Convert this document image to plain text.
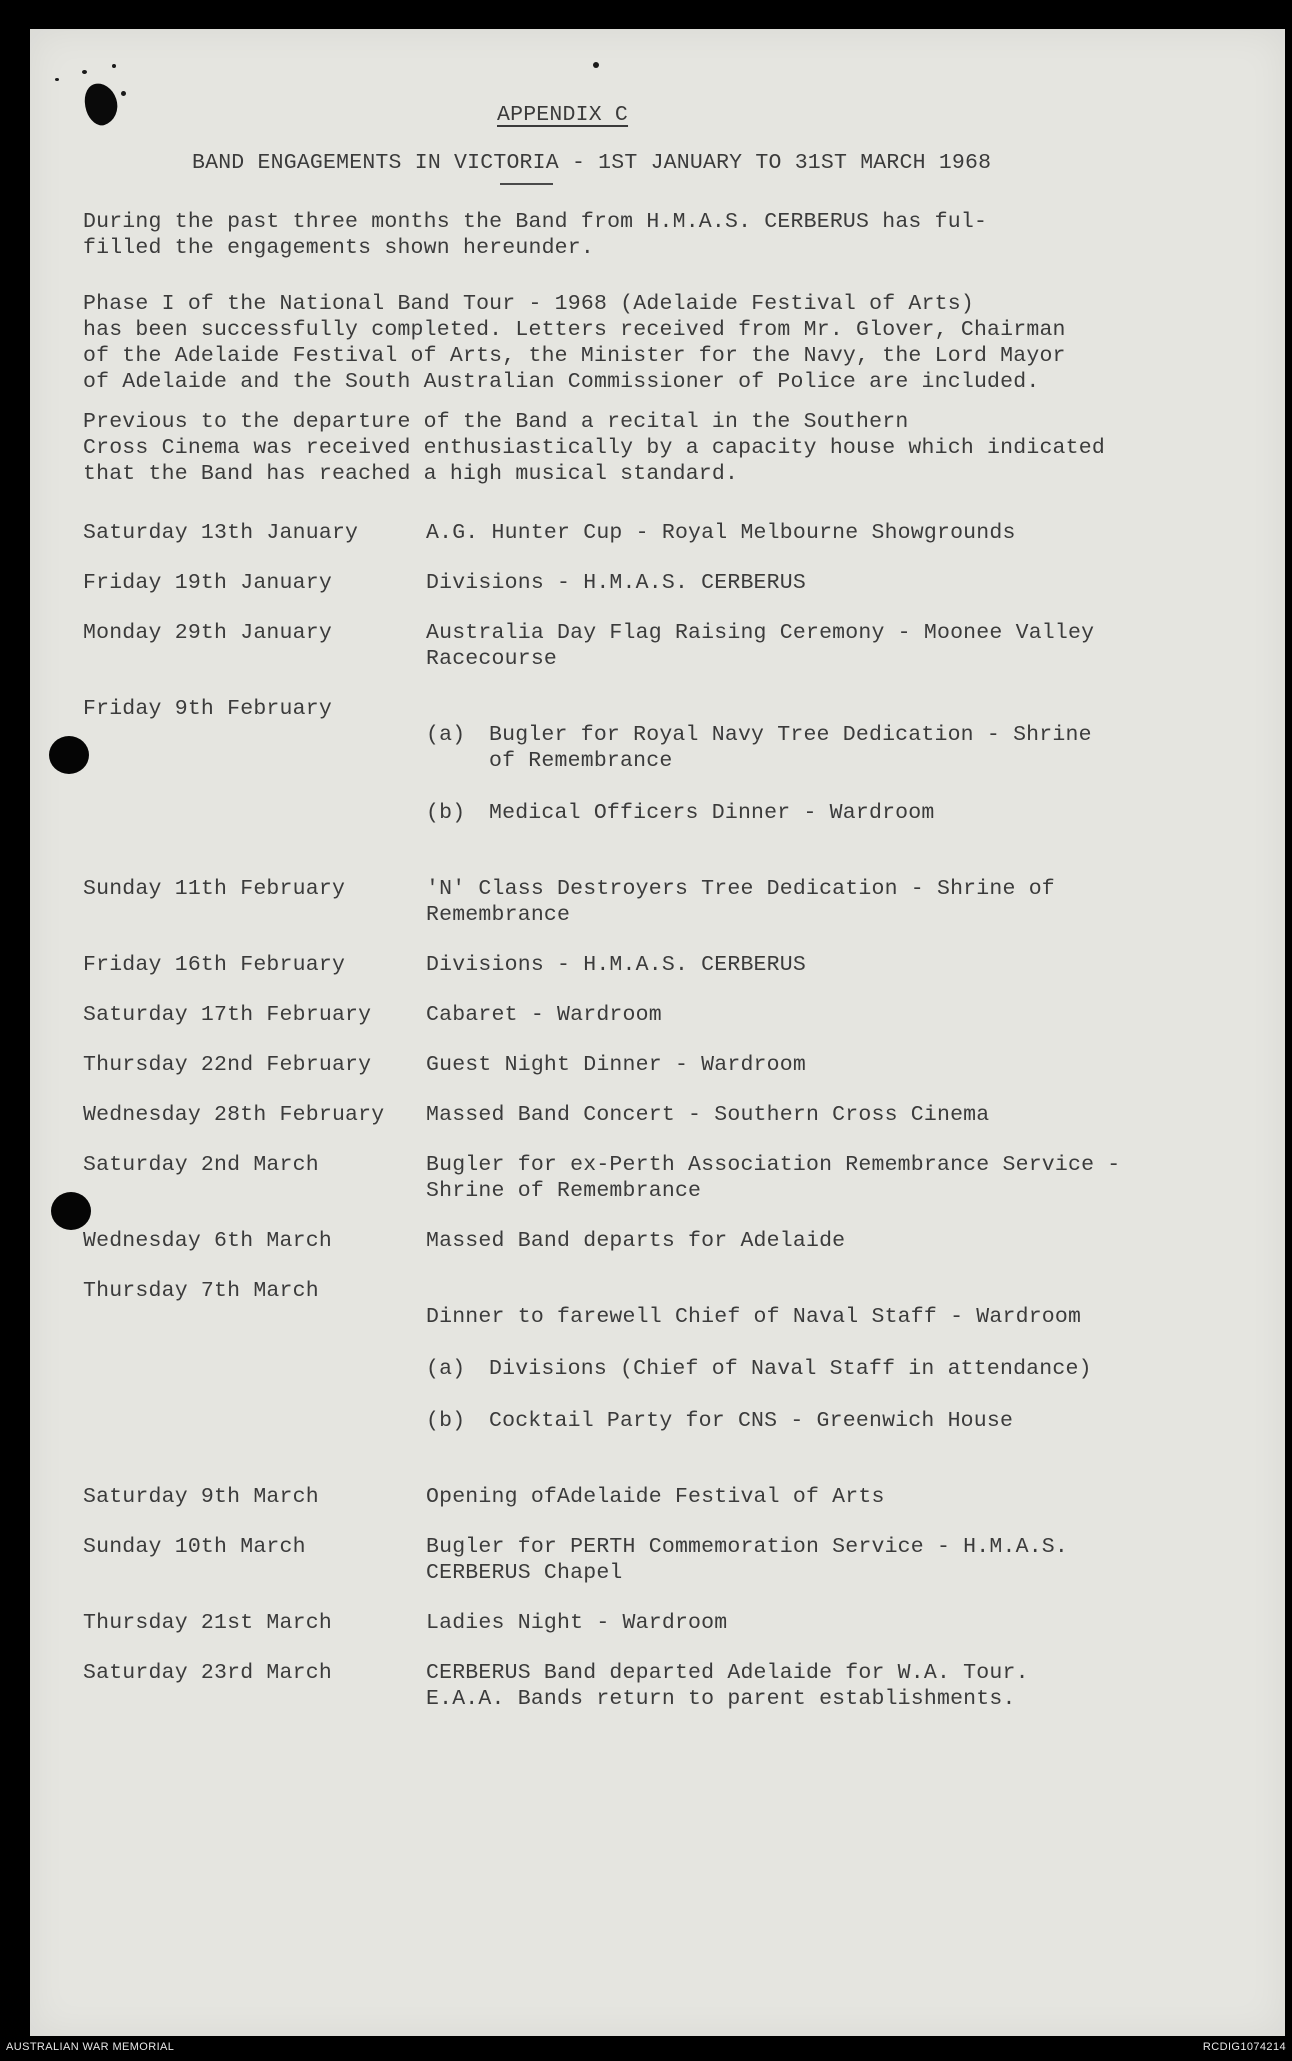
APPENDIX C
BAND ENGAGEMENTS IN VICTORIA - 1ST JANUARY TO 31ST MARCH 1968

During the past three months the Band from H.M.A.S. CERBERUS has ful-
filled the engagements shown hereunder.

Phase I of the National Band Tour - 1968 (Adelaide Festival of Arts)
has been successfully completed. Letters received from Mr. Glover, Chairman
of the Adelaide Festival of Arts, the Minister for the Navy, the Lord Mayor
of Adelaide and the South Australian Commissioner of Police are included.

Previous to the departure of the Band a recital in the Southern
Cross Cinema was received enthusiastically by a capacity house which indicated
that the Band has reached a high musical standard.

Saturday 13th January	A.G. Hunter Cup - Royal Melbourne Showgrounds
Friday 19th January	Divisions - H.M.A.S. CERBERUS
Monday 29th January	Australia Day Flag Raising Ceremony - Moonee Valley
Racecourse
Friday 9th February

(a)	Bugler for Royal Navy Tree Dedication - Shrine
of Remembrance

(b)	Medical Officers Dinner - Wardroom

Sunday 11th February	'N' Class Destroyers Tree Dedication - Shrine of
Remembrance
Friday 16th February	Divisions - H.M.A.S. CERBERUS
Saturday 17th February	Cabaret - Wardroom
Thursday 22nd February	Guest Night Dinner - Wardroom
Wednesday 28th February	Massed Band Concert - Southern Cross Cinema
Saturday 2nd March	Bugler for ex-Perth Association Remembrance Service -
Shrine of Remembrance
Wednesday 6th March	Massed Band departs for Adelaide
Thursday 7th March

Dinner to farewell Chief of Naval Staff - Wardroom

(a)	Divisions (Chief of Naval Staff in attendance)

(b)	Cocktail Party for CNS - Greenwich House

Saturday 9th March	Opening ofAdelaide Festival of Arts
Sunday 10th March	Bugler for PERTH Commemoration Service - H.M.A.S.
CERBERUS Chapel
Thursday 21st March	Ladies Night - Wardroom
Saturday 23rd March	CERBERUS Band departed Adelaide for W.A. Tour.
E.A.A. Bands return to parent establishments.
AUSTRALIAN WAR MEMORIAL	RCDIG1074214
